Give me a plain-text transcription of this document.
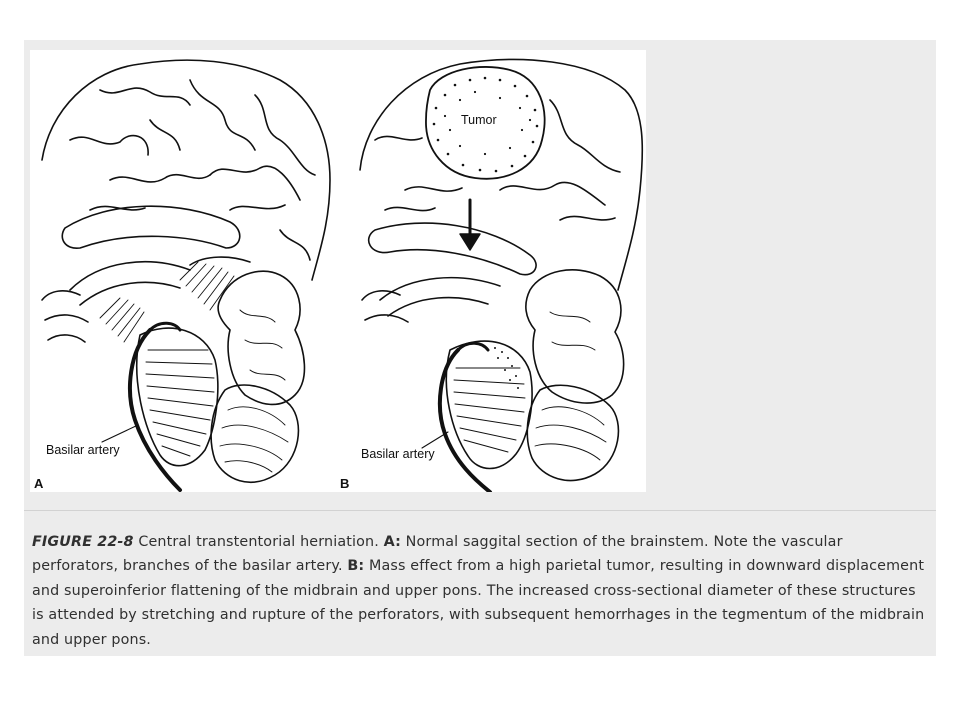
Basilar artery
A
Tumor
Basilar artery
B

FIGURE 22-8 Central transtentorial herniation. A: Normal saggital section of the brainstem. Note the vascular perforators, branches of the basilar artery. B: Mass effect from a high parietal tumor, resulting in downward displacement and superoinferior flattening of the midbrain and upper pons. The increased cross-sectional diameter of these structures is attended by stretching and rupture of the perforators, with subsequent hemorrhages in the tegmentum of the midbrain and upper pons.
